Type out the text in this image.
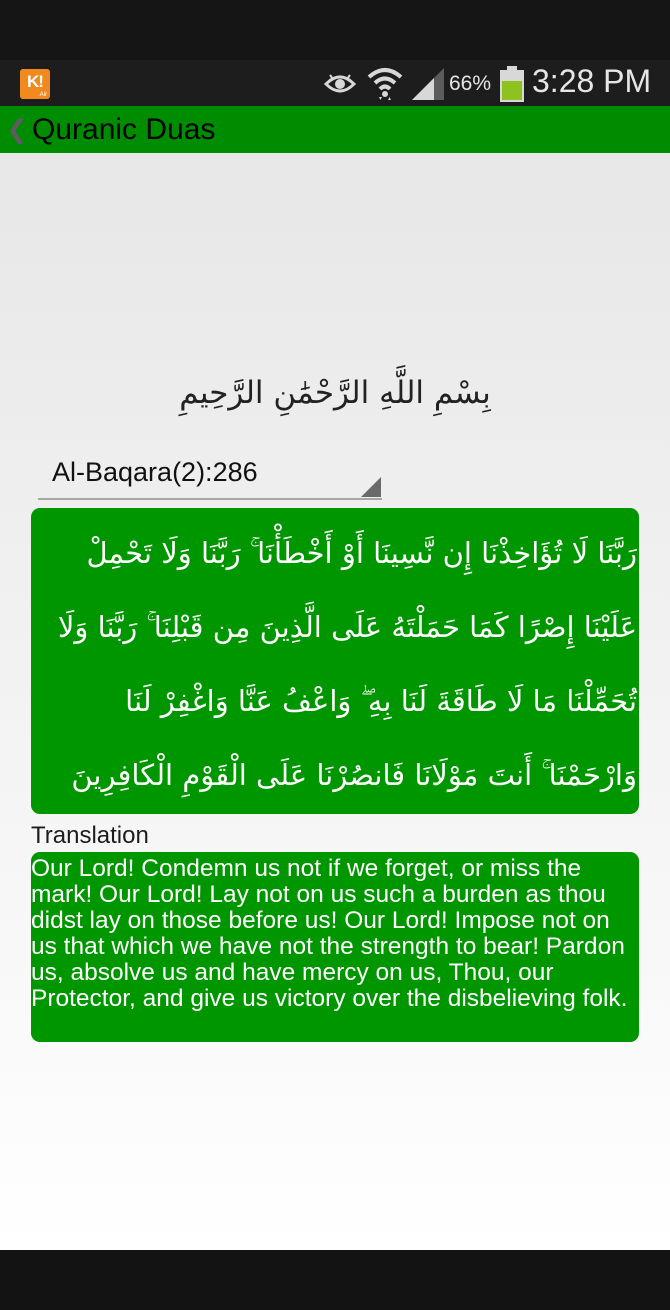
K!
Air	66% 3:28 PM
❮ Quranic Duas
بِسْمِ اللَّهِ الرَّحْمَٰنِ الرَّحِيمِ
Al-Baqara(2):286
رَبَّنَا لَا تُؤَاخِذْنَا إِن نَّسِينَا أَوْ أَخْطَأْنَا ۚ رَبَّنَا وَلَا تَحْمِلْ عَلَيْنَا إِصْرًا كَمَا حَمَلْتَهُ عَلَى الَّذِينَ مِن قَبْلِنَا ۚ رَبَّنَا وَلَا تُحَمِّلْنَا مَا لَا طَاقَةَ لَنَا بِهِ ۖ وَاعْفُ عَنَّا وَاغْفِرْ لَنَا وَارْحَمْنَا ۚ أَنتَ مَوْلَانَا فَانصُرْنَا عَلَى الْقَوْمِ الْكَافِرِينَ
Translation
Our Lord! Condemn us not if we forget, or miss the mark! Our Lord! Lay not on us such a burden as thou didst lay on those before us! Our Lord! Impose not on us that which we have not the strength to bear! Pardon us, absolve us and have mercy on us, Thou, our Protector, and give us victory over the disbelieving folk.
